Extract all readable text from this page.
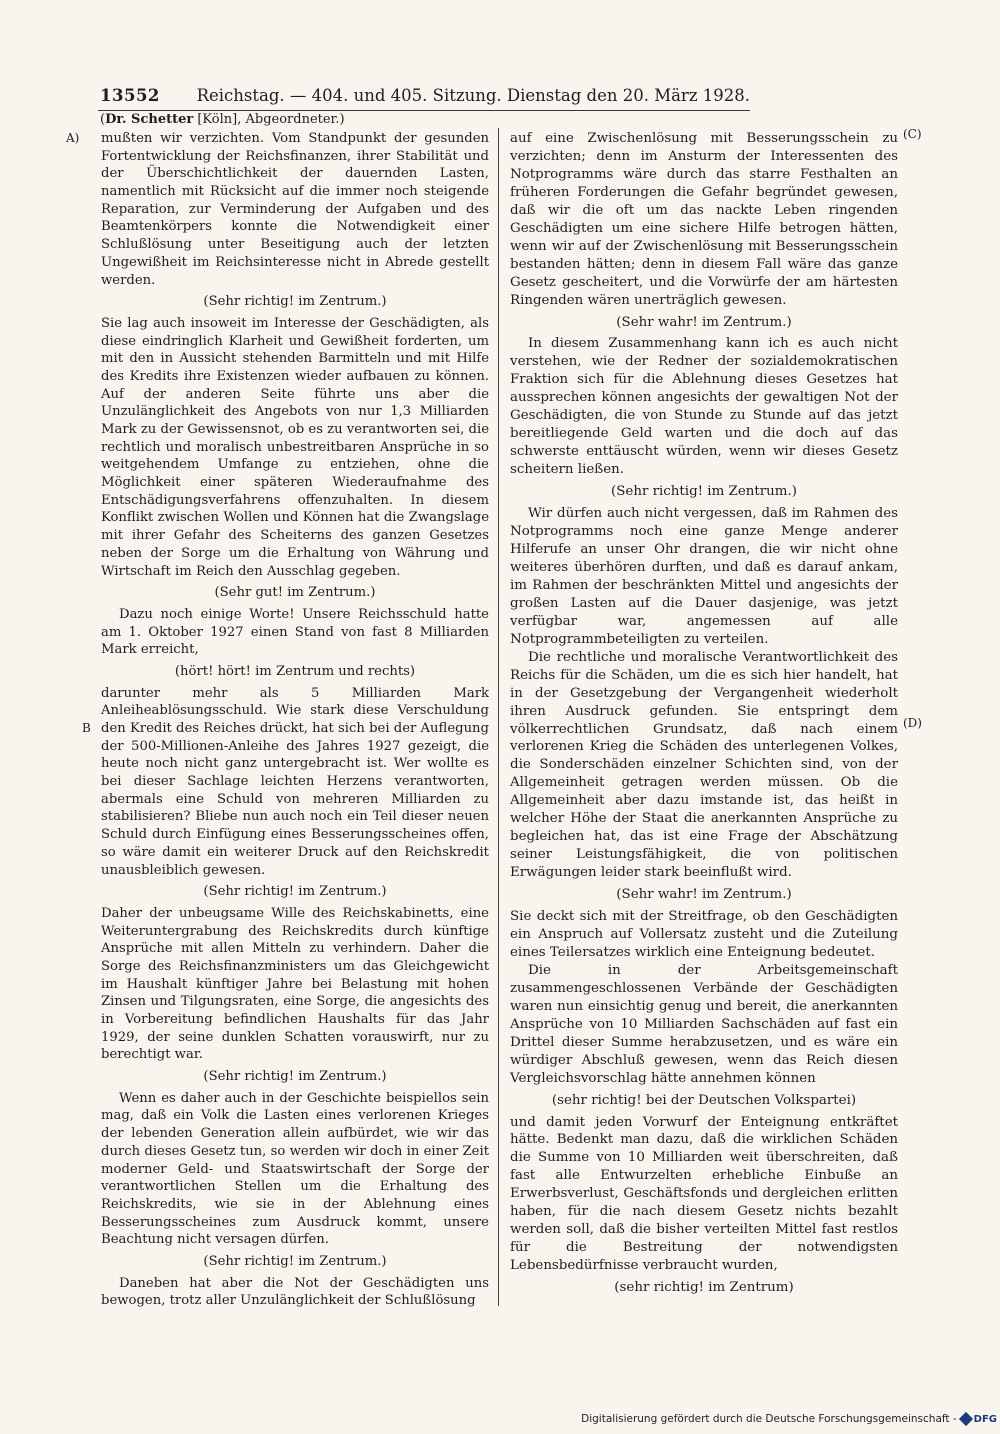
13552 Reichstag. — 404. und 405. Sitzung. Dienstag den 20. März 1928.
(Dr. Schetter [Köln], Abgeordneter.)
A)
B
(C)
(D)

mußten wir verzichten. Vom Standpunkt der gesunden Fortentwicklung der Reichsfinanzen, ihrer Stabilität und der Überschichtlichkeit der dauernden Lasten, namentlich mit Rücksicht auf die immer noch steigende Reparation, zur Verminderung der Aufgaben und des Beamtenkörpers konnte die Notwendigkeit einer Schlußlösung unter Beseitigung auch der letzten Ungewißheit im Reichsinteresse nicht in Abrede gestellt werden.

(Sehr richtig! im Zentrum.)

Sie lag auch insoweit im Interesse der Geschädigten, als diese eindringlich Klarheit und Gewißheit forderten, um mit den in Aussicht stehenden Barmitteln und mit Hilfe des Kredits ihre Existenzen wieder aufbauen zu können. Auf der anderen Seite führte uns aber die Unzulänglichkeit des Angebots von nur 1,3 Milliarden Mark zu der Gewissensnot, ob es zu verantworten sei, die rechtlich und moralisch unbestreitbaren Ansprüche in so weitgehendem Umfange zu entziehen, ohne die Möglichkeit einer späteren Wiederaufnahme des Entschädigungsverfahrens offenzuhalten. In diesem Konflikt zwischen Wollen und Können hat die Zwangslage mit ihrer Gefahr des Scheiterns des ganzen Gesetzes neben der Sorge um die Erhaltung von Währung und Wirtschaft im Reich den Ausschlag gegeben.

(Sehr gut! im Zentrum.)

Dazu noch einige Worte! Unsere Reichsschuld hatte am 1. Oktober 1927 einen Stand von fast 8 Milliarden Mark erreicht,

(hört! hört! im Zentrum und rechts)

darunter mehr als 5 Milliarden Mark Anleiheablösungsschuld. Wie stark diese Verschuldung den Kredit des Reiches drückt, hat sich bei der Auflegung der 500-Millionen-Anleihe des Jahres 1927 gezeigt, die heute noch nicht ganz untergebracht ist. Wer wollte es bei dieser Sachlage leichten Herzens verantworten, abermals eine Schuld von mehreren Milliarden zu stabilisieren? Bliebe nun auch noch ein Teil dieser neuen Schuld durch Einfügung eines Besserungsscheines offen, so wäre damit ein weiterer Druck auf den Reichskredit unausbleiblich gewesen.

(Sehr richtig! im Zentrum.)

Daher der unbeugsame Wille des Reichskabinetts, eine Weiteruntergrabung des Reichskredits durch künftige Ansprüche mit allen Mitteln zu verhindern. Daher die Sorge des Reichsfinanzministers um das Gleichgewicht im Haushalt künftiger Jahre bei Belastung mit hohen Zinsen und Tilgungsraten, eine Sorge, die angesichts des in Vorbereitung befindlichen Haushalts für das Jahr 1929, der seine dunklen Schatten vorauswirft, nur zu berechtigt war.

(Sehr richtig! im Zentrum.)

Wenn es daher auch in der Geschichte beispiellos sein mag, daß ein Volk die Lasten eines verlorenen Krieges der lebenden Generation allein aufbürdet, wie wir das durch dieses Gesetz tun, so werden wir doch in einer Zeit moderner Geld- und Staatswirtschaft der Sorge der verantwortlichen Stellen um die Erhaltung des Reichskredits, wie sie in der Ablehnung eines Besserungsscheines zum Ausdruck kommt, unsere Beachtung nicht versagen dürfen.

(Sehr richtig! im Zentrum.)

Daneben hat aber die Not der Geschädigten uns bewogen, trotz aller Unzulänglichkeit der Schlußlösung

auf eine Zwischenlösung mit Besserungsschein zu verzichten; denn im Ansturm der Interessenten des Notprogramms wäre durch das starre Festhalten an früheren Forderungen die Gefahr begründet gewesen, daß wir die oft um das nackte Leben ringenden Geschädigten um eine sichere Hilfe betrogen hätten, wenn wir auf der Zwischenlösung mit Besserungsschein bestanden hätten; denn in diesem Fall wäre das ganze Gesetz gescheitert, und die Vorwürfe der am härtesten Ringenden wären unerträglich gewesen.

(Sehr wahr! im Zentrum.)

In diesem Zusammenhang kann ich es auch nicht verstehen, wie der Redner der sozialdemokratischen Fraktion sich für die Ablehnung dieses Gesetzes hat aussprechen können angesichts der gewaltigen Not der Geschädigten, die von Stunde zu Stunde auf das jetzt bereitliegende Geld warten und die doch auf das schwerste enttäuscht würden, wenn wir dieses Gesetz scheitern ließen.

(Sehr richtig! im Zentrum.)

Wir dürfen auch nicht vergessen, daß im Rahmen des Notprogramms noch eine ganze Menge anderer Hilferufe an unser Ohr drangen, die wir nicht ohne weiteres überhören durften, und daß es darauf ankam, im Rahmen der beschränkten Mittel und angesichts der großen Lasten auf die Dauer dasjenige, was jetzt verfügbar war, angemessen auf alle Notprogrammbeteiligten zu verteilen.

Die rechtliche und moralische Verantwortlichkeit des Reichs für die Schäden, um die es sich hier handelt, hat in der Gesetzgebung der Vergangenheit wiederholt ihren Ausdruck gefunden. Sie entspringt dem völkerrechtlichen Grundsatz, daß nach einem verlorenen Krieg die Schäden des unterlegenen Volkes, die Sonderschäden einzelner Schichten sind, von der Allgemeinheit getragen werden müssen. Ob die Allgemeinheit aber dazu imstande ist, das heißt in welcher Höhe der Staat die anerkannten Ansprüche zu begleichen hat, das ist eine Frage der Abschätzung seiner Leistungsfähigkeit, die von politischen Erwägungen leider stark beeinflußt wird.

(Sehr wahr! im Zentrum.)

Sie deckt sich mit der Streitfrage, ob den Geschädigten ein Anspruch auf Vollersatz zusteht und die Zuteilung eines Teilersatzes wirklich eine Enteignung bedeutet.

Die in der Arbeitsgemeinschaft zusammengeschlossenen Verbände der Geschädigten waren nun einsichtig genug und bereit, die anerkannten Ansprüche von 10 Milliarden Sachschäden auf fast ein Drittel dieser Summe herabzusetzen, und es wäre ein würdiger Abschluß gewesen, wenn das Reich diesen Vergleichsvorschlag hätte annehmen können

(sehr richtig! bei der Deutschen Volkspartei)

und damit jeden Vorwurf der Enteignung entkräftet hätte. Bedenkt man dazu, daß die wirklichen Schäden die Summe von 10 Milliarden weit überschreiten, daß fast alle Entwurzelten erhebliche Einbuße an Erwerbsverlust, Geschäftsfonds und dergleichen erlitten haben, für die nach diesem Gesetz nichts bezahlt werden soll, daß die bisher verteilten Mittel fast restlos für die Bestreitung der notwendigsten Lebensbedürfnisse verbraucht wurden,

(sehr richtig! im Zentrum)

Digitalisierung gefördert durch die Deutsche Forschungsgemeinschaft - DFG
